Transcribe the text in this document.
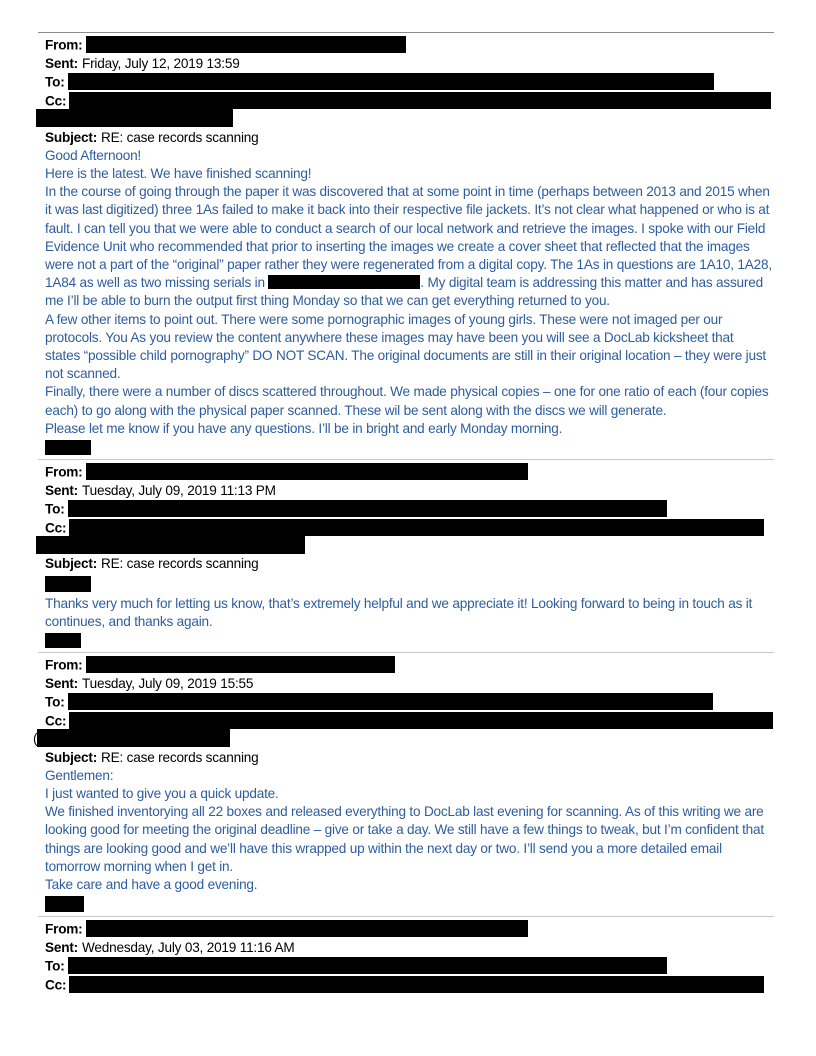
From:
Sent: Friday, July 12, 2019 13:59
To:
Cc:
Subject: RE: case records scanning

Good Afternoon!

Here is the latest. We have finished scanning!

In the course of going through the paper it was discovered that at some point in time (perhaps between 2013 and 2015 when it was last digitized) three 1As failed to make it back into their respective file jackets. It’s not clear what happened or who is at fault. I can tell you that we were able to conduct a search of our local network and retrieve the images. I spoke with our Field Evidence Unit who recommended that prior to inserting the images we create a cover sheet that reflected that the images were not a part of the “original” paper rather they were regenerated from a digital copy. The 1As in questions are 1A10, 1A28, 1A84 as well as two missing serials in	. My digital team is addressing this matter and has assured me I’ll be able to burn the output first thing Monday so that we can get everything returned to you.

A few other items to point out. There were some pornographic images of young girls. These were not imaged per our protocols. You As you review the content anywhere these images may have been you will see a DocLab kicksheet that states “possible child pornography” DO NOT SCAN. The original documents are still in their original location – they were just not scanned.

Finally, there were a number of discs scattered throughout. We made physical copies – one for one ratio of each (four copies each) to go along with the physical paper scanned. These wil be sent along with the discs we will generate.

Please let me know if you have any questions. I’ll be in bright and early Monday morning.

From:
Sent: Tuesday, July 09, 2019 11:13 PM
To:
Cc:
Subject: RE: case records scanning

Thanks very much for letting us know, that’s extremely helpful and we appreciate it! Looking forward to being in touch as it continues, and thanks again.

From:
Sent: Tuesday, July 09, 2019 15:55
To:
Cc:
(
Subject: RE: case records scanning

Gentlemen:

I just wanted to give you a quick update.

We finished inventorying all 22 boxes and released everything to DocLab last evening for scanning. As of this writing we are looking good for meeting the original deadline – give or take a day. We still have a few things to tweak, but I’m confident that things are looking good and we’ll have this wrapped up within the next day or two. I’ll send you a more detailed email tomorrow morning when I get in.

Take care and have a good evening.

From:
Sent: Wednesday, July 03, 2019 11:16 AM
To:
Cc:
